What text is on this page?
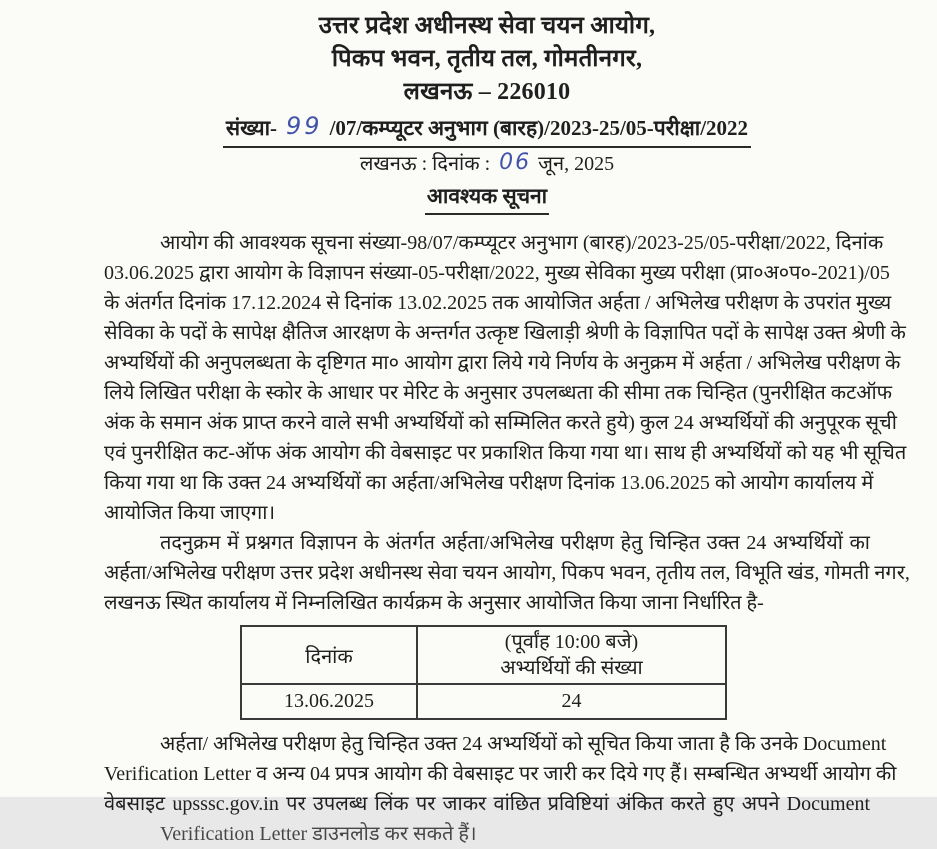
उत्तर प्रदेश अधीनस्थ सेवा चयन आयोग,
पिकप भवन, तृतीय तल, गोमतीनगर,
लखनऊ – 226010
संख्या- 99 /07/कम्प्यूटर अनुभाग (बारह)/2023-25/05-परीक्षा/2022
लखनऊ : दिनांक : 06 जून, 2025
आवश्यक सूचना
आयोग की आवश्यक सूचना संख्या-98/07/कम्प्यूटर अनुभाग (बारह)/2023-25/05-परीक्षा/2022, दिनांक
03.06.2025 द्वारा आयोग के विज्ञापन संख्या-05-परीक्षा/2022, मुख्य सेविका मुख्य परीक्षा (प्रा०अ०प०-2021)/05
के अंतर्गत दिनांक 17.12.2024 से दिनांक 13.02.2025 तक आयोजित अर्हता / अभिलेख परीक्षण के उपरांत मुख्य
सेविका के पदों के सापेक्ष क्षैतिज आरक्षण के अन्तर्गत उत्कृष्ट खिलाड़ी श्रेणी के विज्ञापित पदों के सापेक्ष उक्त श्रेणी के
अभ्यर्थियों की अनुपलब्धता के दृष्टिगत मा० आयोग द्वारा लिये गये निर्णय के अनुक्रम में अर्हता / अभिलेख परीक्षण के
लिये लिखित परीक्षा के स्कोर के आधार पर मेरिट के अनुसार उपलब्धता की सीमा तक चिन्हित (पुनरीक्षित कटऑफ
अंक के समान अंक प्राप्त करने वाले सभी अभ्यर्थियों को सम्मिलित करते हुये) कुल 24 अभ्यर्थियों की अनुपूरक सूची
एवं पुनरीक्षित कट-ऑफ अंक आयोग की वेबसाइट पर प्रकाशित किया गया था। साथ ही अभ्यर्थियों को यह भी सूचित
किया गया था कि उक्त 24 अभ्यर्थियों का अर्हता/अभिलेख परीक्षण दिनांक 13.06.2025 को आयोग कार्यालय में
आयोजित किया जाएगा।
तदनुक्रम में प्रश्नगत विज्ञापन के अंतर्गत अर्हता/अभिलेख परीक्षण हेतु चिन्हित उक्त 24 अभ्यर्थियों का
अर्हता/अभिलेख परीक्षण उत्तर प्रदेश अधीनस्थ सेवा चयन आयोग, पिकप भवन, तृतीय तल, विभूति खंड, गोमती नगर,
लखनऊ स्थित कार्यालय में निम्नलिखित कार्यक्रम के अनुसार आयोजित किया जाना निर्धारित है-
दिनांक	(पूर्वांह 10:00 बजे)
अभ्यर्थियों की संख्या

13.06.2025	24
अर्हता/ अभिलेख परीक्षण हेतु चिन्हित उक्त 24 अभ्यर्थियों को सूचित किया जाता है कि उनके Document
Verification Letter व अन्य 04 प्रपत्र आयोग की वेबसाइट पर जारी कर दिये गए हैं। सम्बन्धित अभ्यर्थी आयोग की
वेबसाइट upsssc.gov.in पर उपलब्ध लिंक पर जाकर वांछित प्रविष्टियां अंकित करते हुए अपने Document
Verification Letter डाउनलोड कर सकते हैं।
